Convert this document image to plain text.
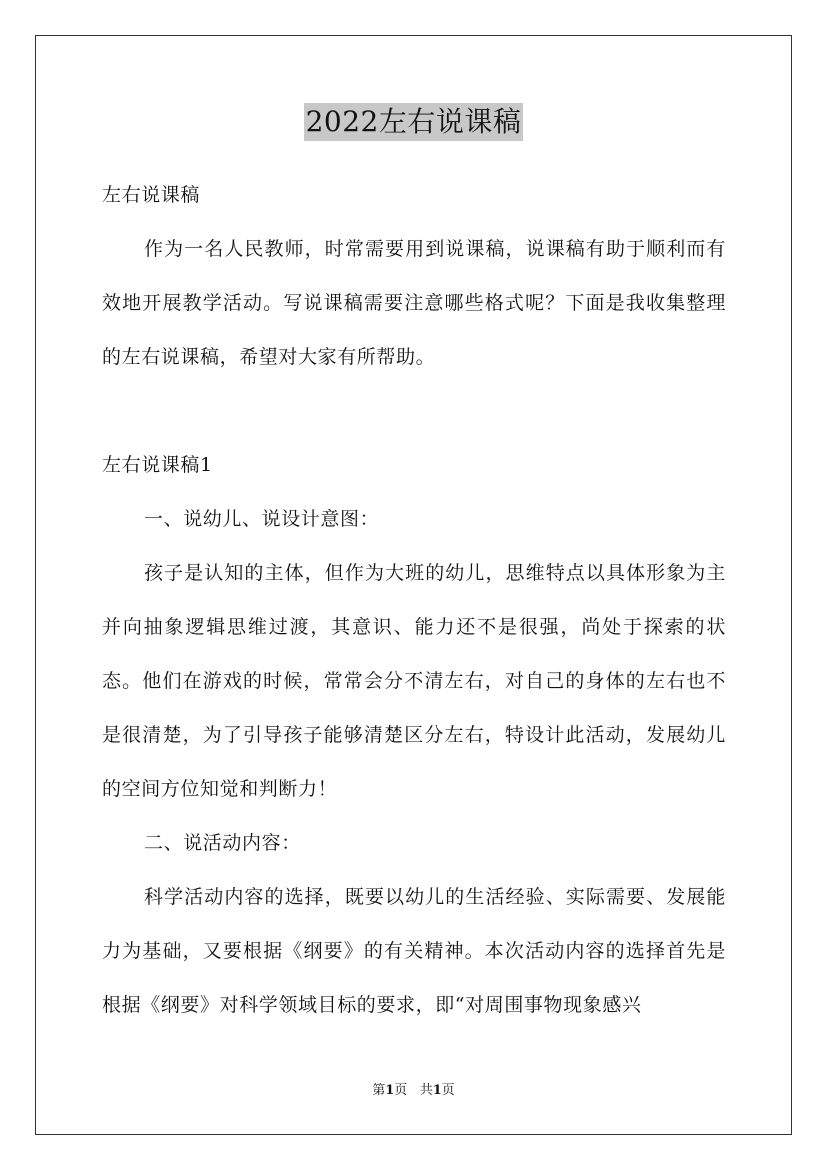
2022左右说课稿

左右说课稿

作为一名人民教师，时常需要用到说课稿，说课稿有助于顺利而有效地开展教学活动。写说课稿需要注意哪些格式呢？下面是我收集整理的左右说课稿，希望对大家有所帮助。

左右说课稿1

一、说幼儿、说设计意图：

孩子是认知的主体，但作为大班的幼儿，思维特点以具体形象为主并向抽象逻辑思维过渡，其意识、能力还不是很强，尚处于探索的状态。他们在游戏的时候，常常会分不清左右，对自己的身体的左右也不是很清楚，为了引导孩子能够清楚区分左右，特设计此活动，发展幼儿的空间方位知觉和判断力！

二、说活动内容：

科学活动内容的选择，既要以幼儿的生活经验、实际需要、发展能力为基础，又要根据《纲要》的有关精神。本次活动内容的选择首先是根据《纲要》对科学领域目标的要求，即“对周围事物现象感兴

第1页 共1页
